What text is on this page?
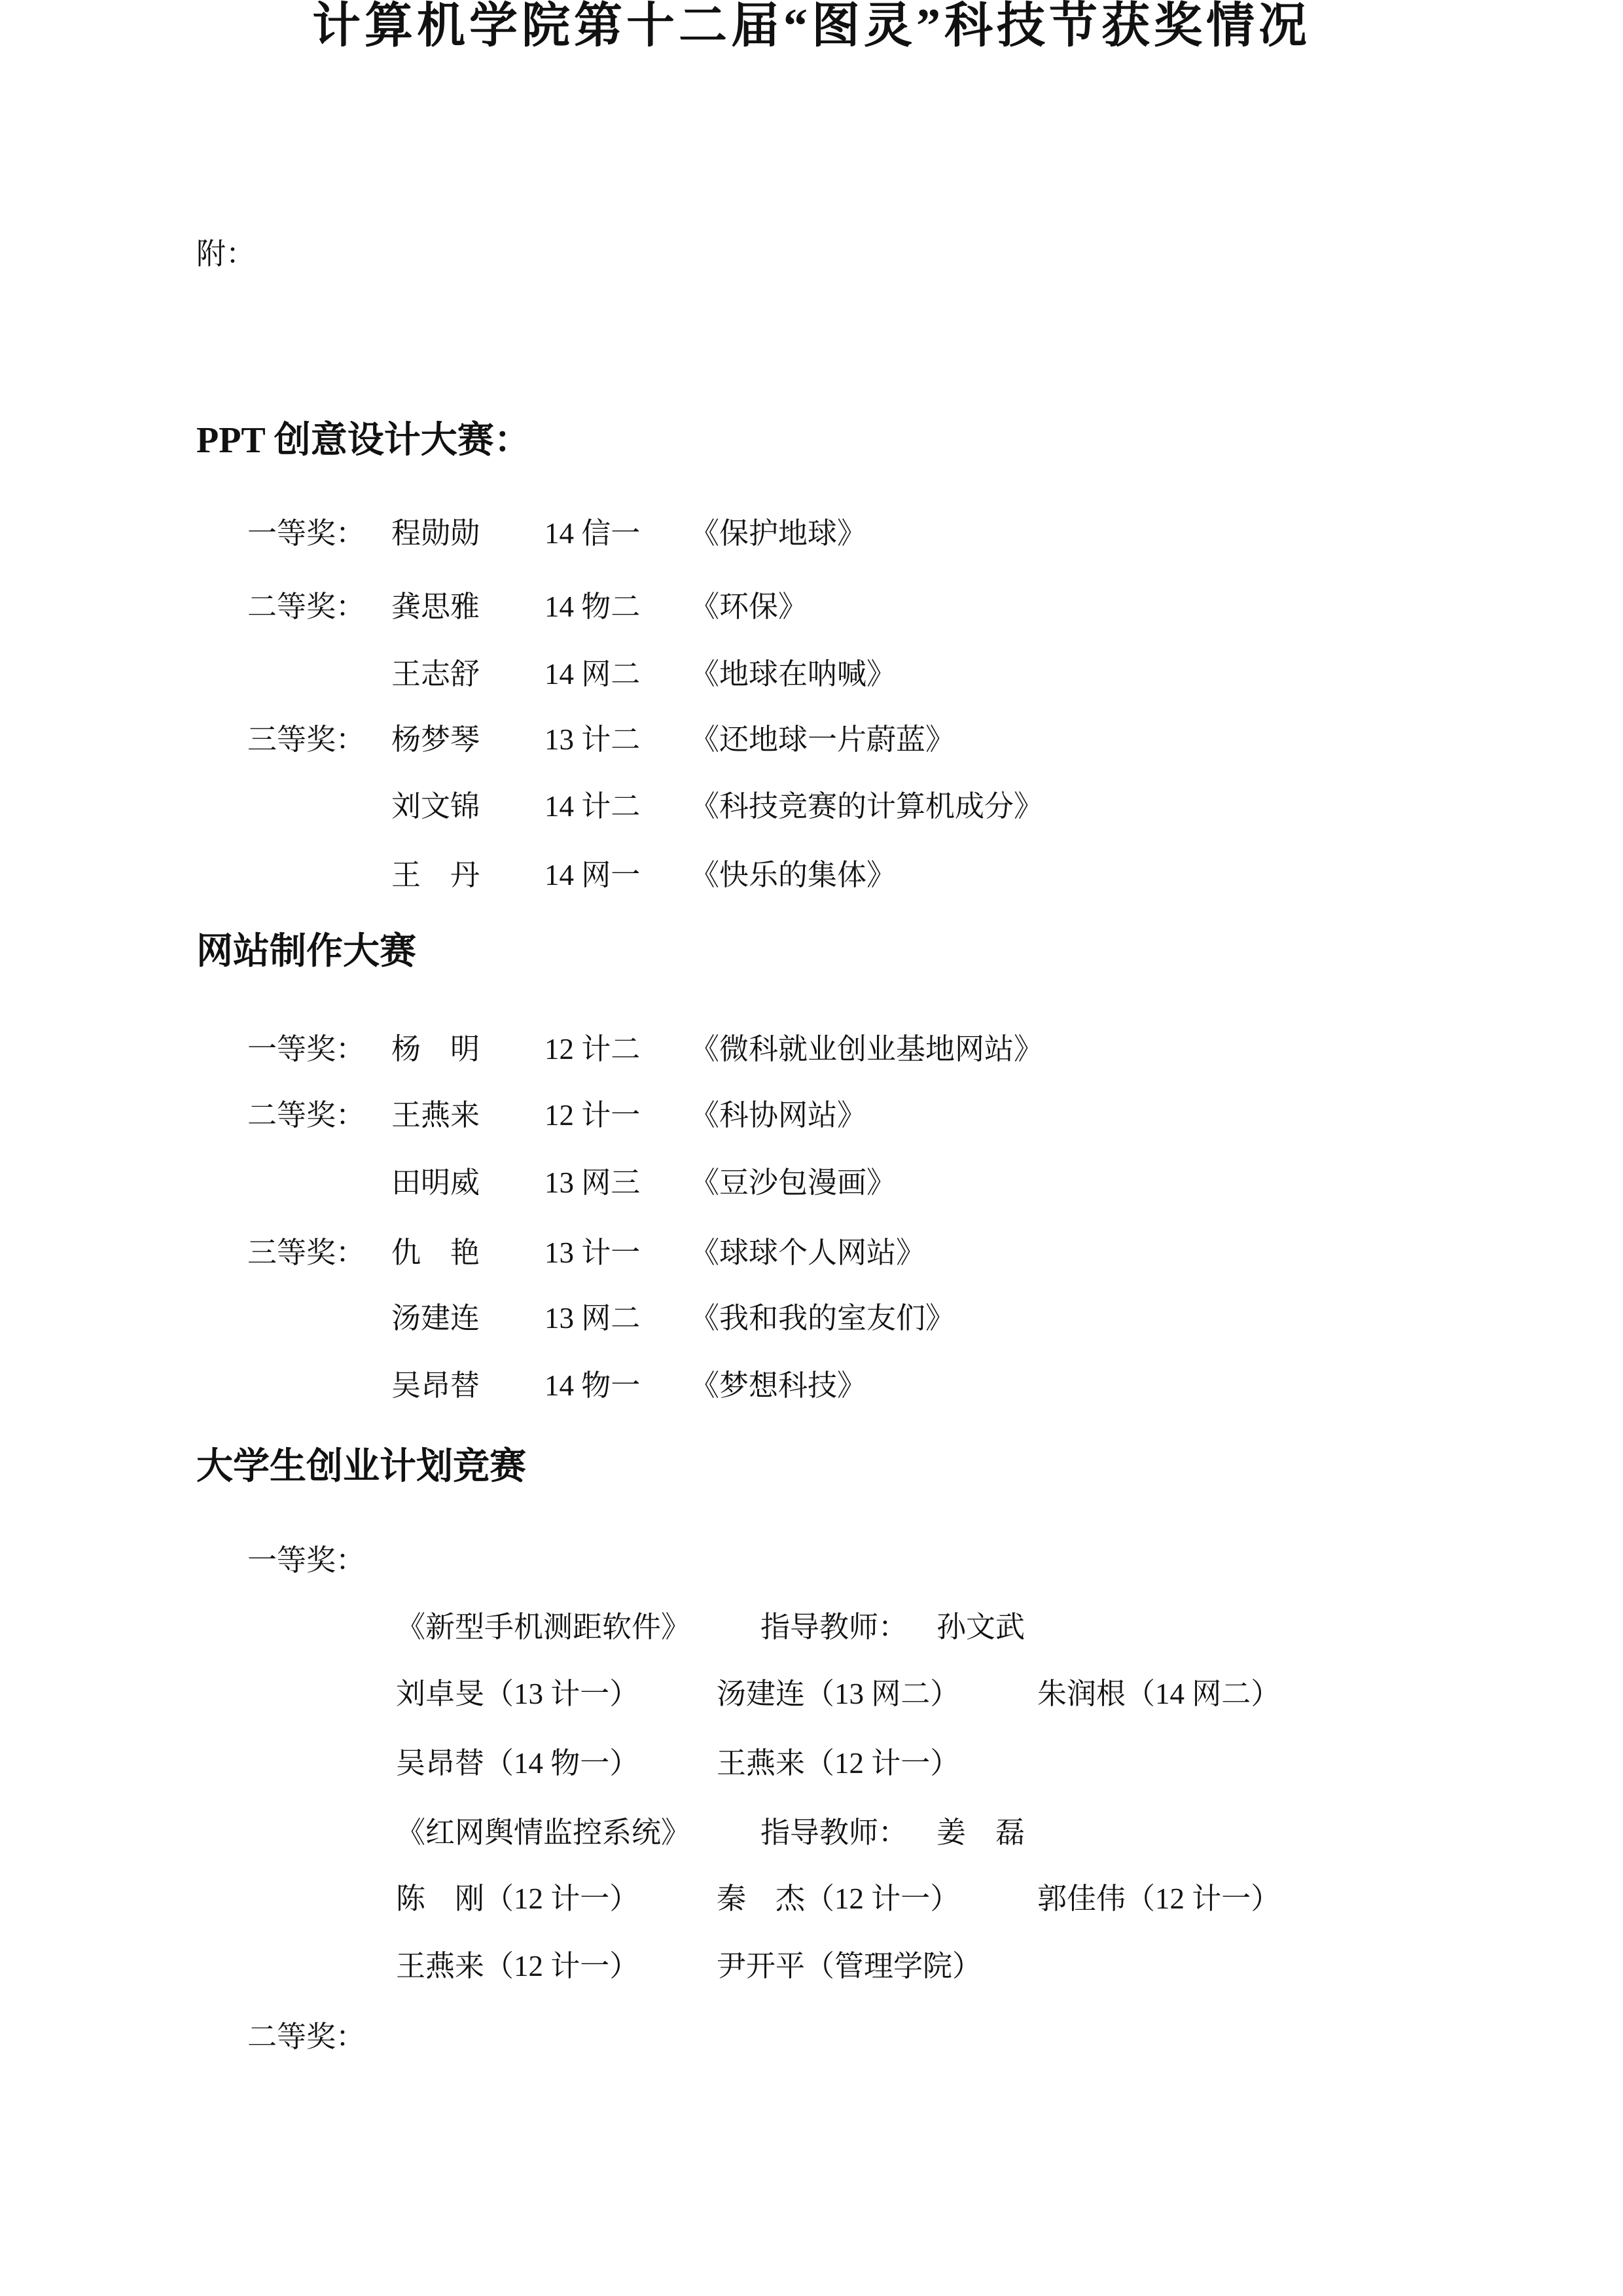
附：
计算机学院第十二届“图灵”科技节获奖情况
PPT 创意设计大赛：
一等奖： 程勋勋 14 信一 《保护地球》
二等奖： 龚思雅 14 物二 《环保》
王志舒 14 网二 《地球在呐喊》
三等奖： 杨梦琴 13 计二 《还地球一片蔚蓝》
刘文锦 14 计二 《科技竞赛的计算机成分》
王　丹 14 网一 《快乐的集体》
网站制作大赛
一等奖： 杨　明 12 计二 《微科就业创业基地网站》
二等奖： 王燕来 12 计一 《科协网站》
田明威 13 网三 《豆沙包漫画》
三等奖： 仇　艳 13 计一 《球球个人网站》
汤建连 13 网二 《我和我的室友们》
吴昂替 14 物一 《梦想科技》
大学生创业计划竞赛
一等奖：
《新型手机测距软件》 指导教师： 孙文武
刘卓旻（13 计一）	汤建连（13 网二）	朱润根（14 网二）
吴昂替（14 物一）	王燕来（12 计一）
《红网舆情监控系统》 指导教师： 姜　磊
陈　刚（12 计一）	秦　杰（12 计一）	郭佳伟（12 计一）
王燕来（12 计一）	尹开平（管理学院）
二等奖：
